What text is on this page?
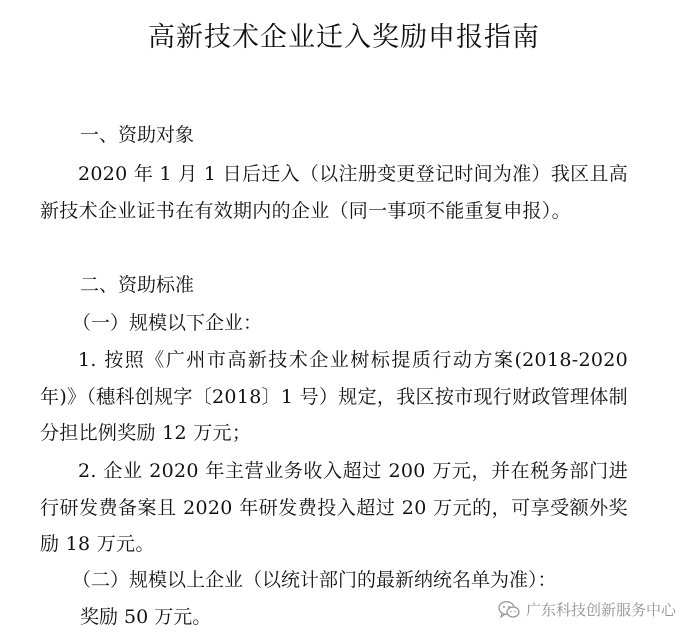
高新技术企业迁入奖励申报指南
一、资助对象
2020 年 1 月 1 日后迁入（以注册变更登记时间为准）我区且高新技术企业证书在有效期内的企业（同一事项不能重复申报）。
二、资助标准
（一）规模以下企业：
1. 按照《广州市高新技术企业树标提质行动方案(2018-2020年)》（穗科创规字〔2018〕1 号）规定，我区按市现行财政管理体制分担比例奖励 12 万元；
2. 企业 2020 年主营业务收入超过 200 万元，并在税务部门进行研发费备案且 2020 年研发费投入超过 20 万元的，可享受额外奖励 18 万元。
（二）规模以上企业（以统计部门的最新纳统名单为准）：
奖励 50 万元。	广东科技创新服务中心
